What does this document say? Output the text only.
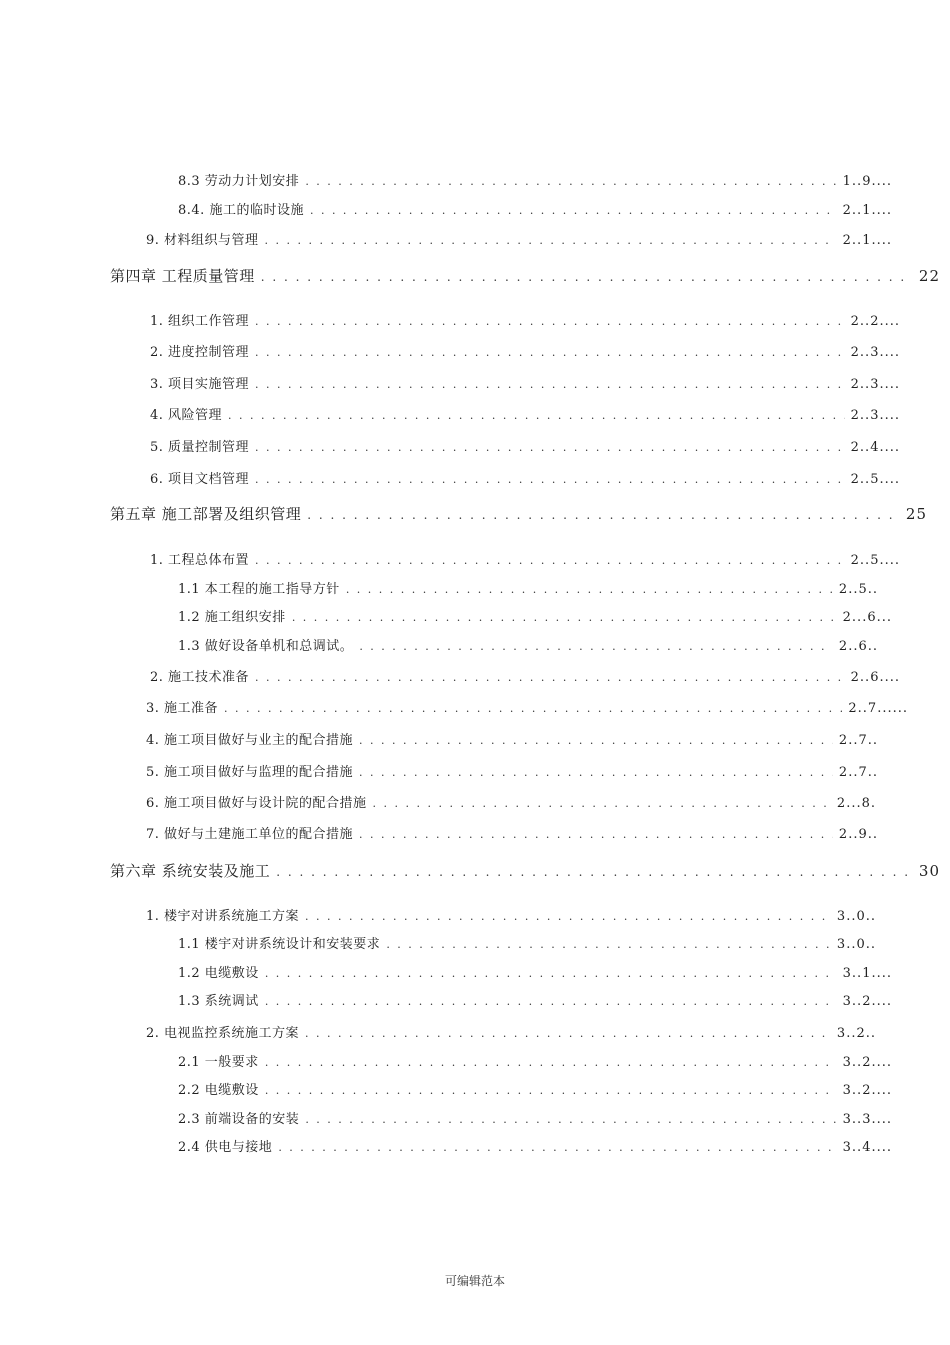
8.3 劳动力计划安排 . . .	1..9....
8.4. 施工的临时设施 . . .	2..1....
9. 材料组织与管理 . . .	2..1....
第四章 工程质量管理 . . .	22
1. 组织工作管理 . . .	2..2....
2. 进度控制管理 . . .	2..3....
3. 项目实施管理 . . .	2..3....
4. 风险管理 . . .	2..3....
5. 质量控制管理 . . .	2..4....
6. 项目文档管理 . . .	2..5....
第五章 施工部署及组织管理 . . .	25
1. 工程总体布置 . . .	2..5....
1.1 本工程的施工指导方针 . . .	2..5..
1.2 施工组织安排 . . .	2...6...
1.3 做好设备单机和总调试。 . . .	2..6..
2. 施工技术准备 . . .	2..6....
3. 施工准备 . . .	2..7......
4. 施工项目做好与业主的配合措施 . . .	2..7..
5. 施工项目做好与监理的配合措施 . . .	2..7..
6. 施工项目做好与设计院的配合措施 . . .	2...8.
7. 做好与土建施工单位的配合措施 . . .	2..9..
第六章 系统安装及施工 . . .	30
1. 楼宇对讲系统施工方案 . . .	3..0..
1.1 楼宇对讲系统设计和安装要求 . . .	3..0..
1.2 电缆敷设 . . .	3..1....
1.3 系统调试 . . .	3..2....
2. 电视监控系统施工方案 . . .	3..2..
2.1 一般要求 . . .	3..2....
2.2 电缆敷设 . . .	3..2....
2.3 前端设备的安装 . . .	3..3....
2.4 供电与接地 . . .	3..4....
可编辑范本
